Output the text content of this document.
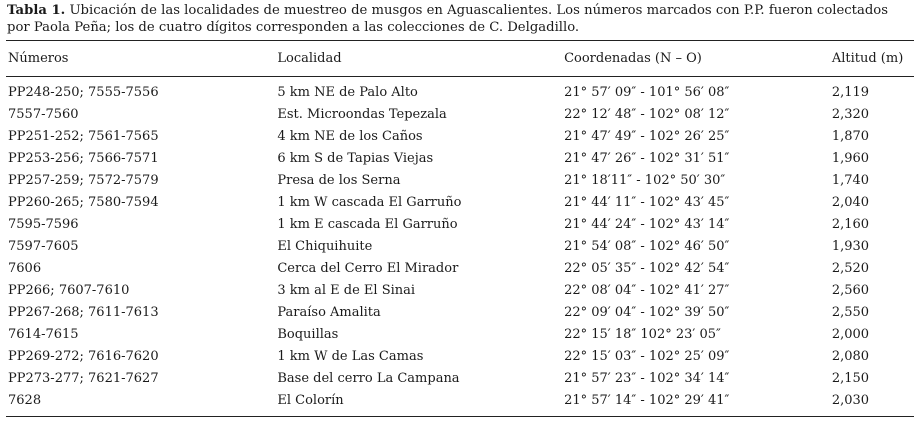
Tabla 1. Ubicación de las localidades de muestreo de musgos en Aguascalientes. Los números marcados con P.P. fueron colectados por Paola Peña; los de cuatro dígitos corresponden a las colecciones de C. Delgadillo.
Números	Localidad	Coordenadas (N – O)	Altitud (m)
PP248-250; 7555-7556	5 km NE de Palo Alto	21° 57′ 09″ - 101° 56′ 08″	2,119
7557-7560	Est. Microondas Tepezala	22° 12′ 48″ - 102° 08′ 12″	2,320
PP251-252; 7561-7565	4 km NE de los Caños	21° 47′ 49″ - 102° 26′ 25″	1,870
PP253-256; 7566-7571	6 km S de Tapias Viejas	21° 47′ 26″ - 102° 31′ 51″	1,960
PP257-259; 7572-7579	Presa de los Serna	21° 18′11″ - 102° 50′ 30″	1,740
PP260-265; 7580-7594	1 km W cascada El Garruño	21° 44′ 11″ - 102° 43′ 45″	2,040
7595-7596	1 km E cascada El Garruño	21° 44′ 24″ - 102° 43′ 14″	2,160
7597-7605	El Chiquihuite	21° 54′ 08″ - 102° 46′ 50″	1,930
7606	Cerca del Cerro El Mirador	22° 05′ 35″ - 102° 42′ 54″	2,520
PP266; 7607-7610	3 km al E de El Sinai	22° 08′ 04″ - 102° 41′ 27″	2,560
PP267-268; 7611-7613	Paraíso Amalita	22° 09′ 04″ - 102° 39′ 50″	2,550
7614-7615	Boquillas	22° 15′ 18″ 102° 23′ 05″	2,000
PP269-272; 7616-7620	1 km W de Las Camas	22° 15′ 03″ - 102° 25′ 09″	2,080
PP273-277; 7621-7627	Base del cerro La Campana	21° 57′ 23″ - 102° 34′ 14″	2,150
7628	El Colorín	21° 57′ 14″ - 102° 29′ 41″	2,030
